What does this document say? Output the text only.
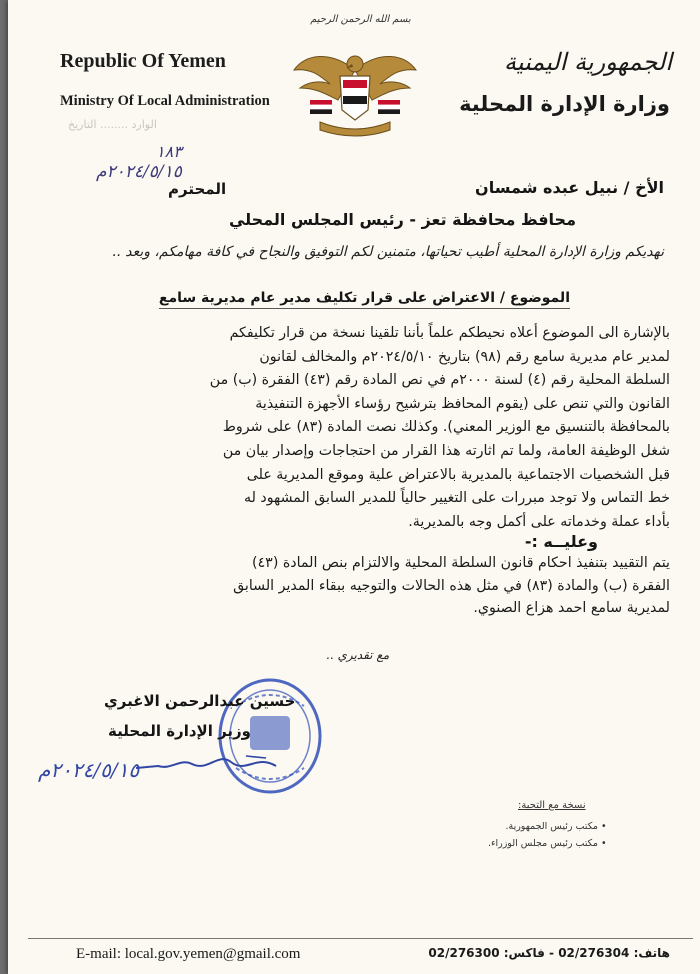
بسم الله الرحمن الرحيم
Republic Of Yemen
Ministry Of Local Administration
الجمهورية اليمنية
وزارة الإدارة المحلية
الوارد ........ التاريخ
١٨٣
٢٠٢٤/٥/١٥م
الأخ / نبيل عبده شمسان
المحترم
محافظ محافظة تعز - رئيس المجلس المحلي
نهديكم وزارة الإدارة المحلية أطيب تحياتها، متمنين لكم التوفيق والنجاح في كافة مهامكم، وبعد ..
الموضوع / الاعتراض على قرار تكليف مدير عام مديرية سامع
بالإشارة الى الموضوع أعلاه نحيطكم علماً بأننا تلقينا نسخة من قرار تكليفكم
لمدير عام مديرية سامع رقم (٩٨) بتاريخ ٢٠٢٤/٥/١٠م والمخالف لقانون
السلطة المحلية رقم (٤) لسنة ٢٠٠٠م في نص المادة رقم (٤٣) الفقرة (ب) من
القانون والتي تنص على (يقوم المحافظ بترشيح رؤساء الأجهزة التنفيذية
بالمحافظة بالتنسيق مع الوزير المعني). وكذلك نصت المادة (٨٣) على شروط
شغل الوظيفة العامة، ولما تم اثارته هذا القرار من احتجاجات وإصدار بيان من
قبل الشخصيات الاجتماعية بالمديرية بالاعتراض علية وموقع المديرية على
خط التماس ولا توجد مبررات على التغيير حالياً للمدير السابق المشهود له
بأداء عملة وخدماته على أكمل وجه بالمديرية.
وعليــه :-
يتم التقييد بتنفيذ احكام قانون السلطة المحلية والالتزام بنص المادة (٤٣)
الفقرة (ب) والمادة (٨٣) في مثل هذه الحالات والتوجيه ببقاء المدير السابق
لمديرية سامع احمد هزاع الصنوي.
مع تقديري ..
حسين عبدالرحمن الاغبري
وزير الإدارة المحلية
٢٠٢٤/٥/١٥م
نسخة مع التحية:
• مكتب رئيس الجمهورية.
• مكتب رئيس مجلس الوزراء.
E-mail: local.gov.yemen@gmail.com	هاتف: 02/276304 - فاكس: 02/276300
